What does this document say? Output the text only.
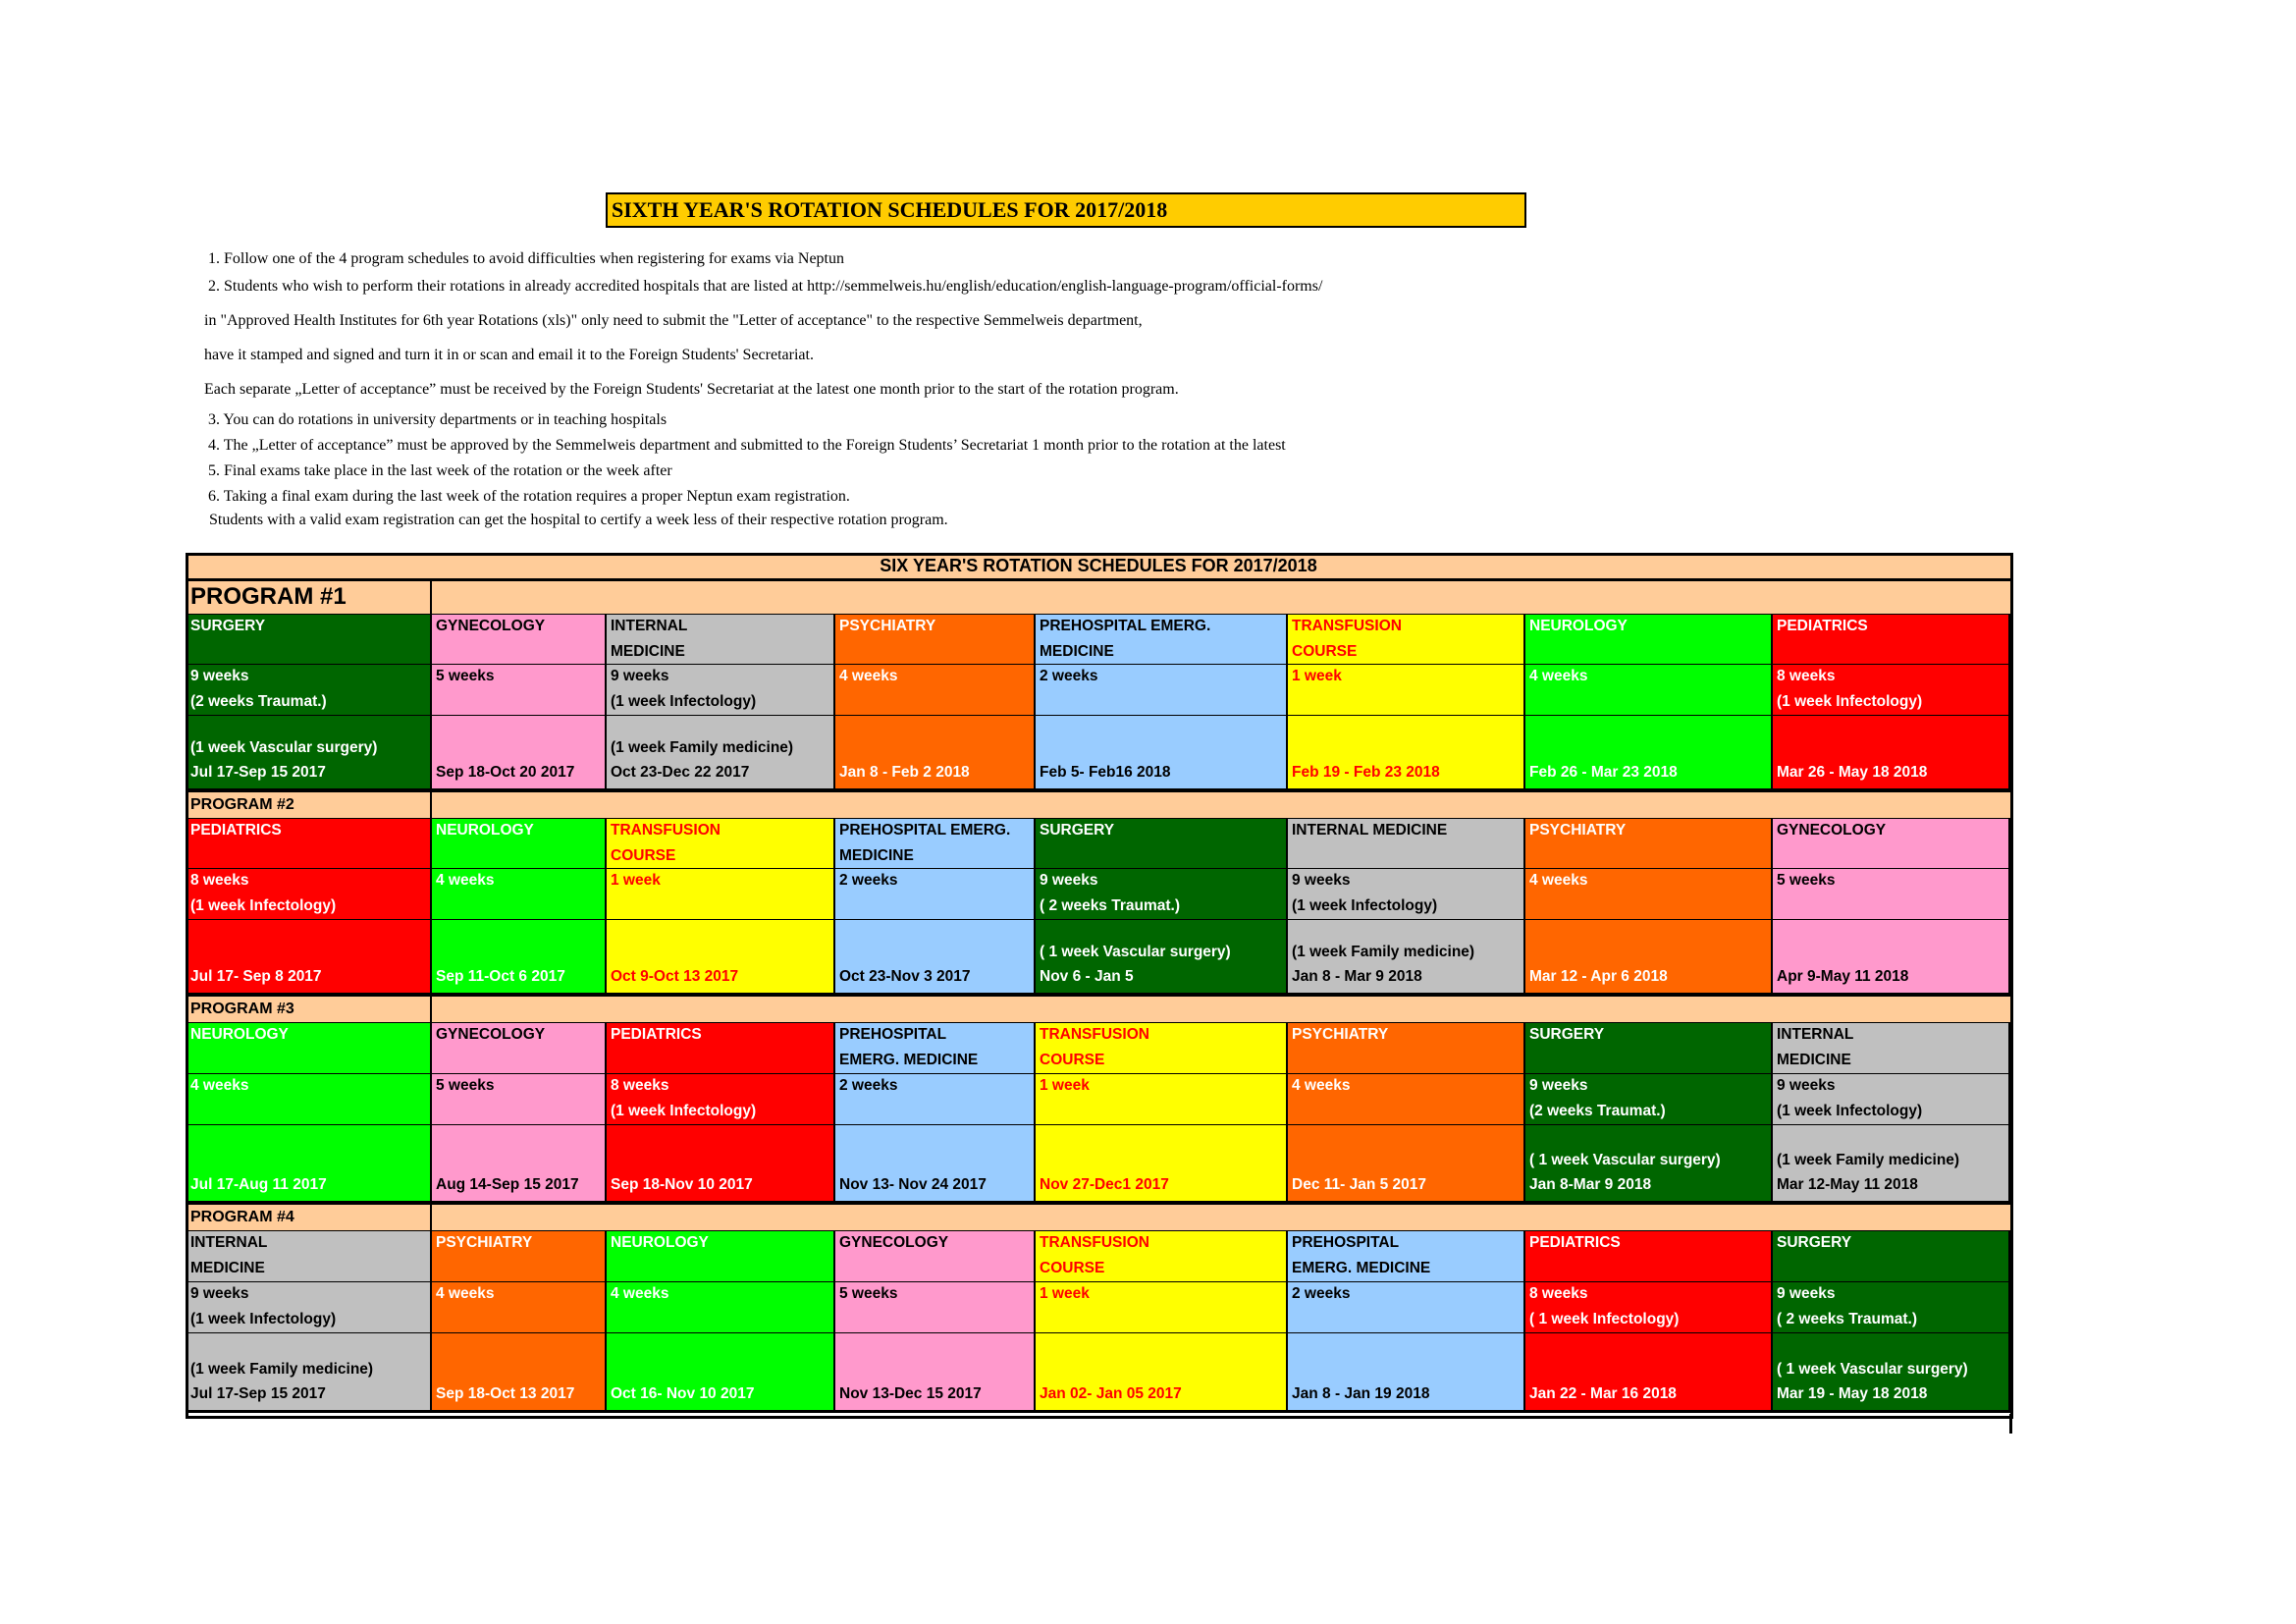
SIXTH YEAR'S ROTATION SCHEDULES FOR 2017/2018
1. Follow one of the 4 program schedules to avoid difficulties when registering for exams via Neptun
2. Students who wish to perform their rotations in already accredited hospitals that are listed at http://semmelweis.hu/english/education/english-language-program/official-forms/
in "Approved Health Institutes for 6th year Rotations (xls)" only need to submit the "Letter of acceptance" to the respective Semmelweis department,
have it stamped and signed and turn it in or scan and email it to the Foreign Students' Secretariat.
Each separate „Letter of acceptance” must be received by the Foreign Students' Secretariat at the latest one month prior to the start of the rotation program.
3. You can do rotations in university departments or in teaching hospitals
4. The „Letter of acceptance” must be approved by the Semmelweis department and submitted to the Foreign Students’ Secretariat 1 month prior to the rotation at the latest
5. Final exams take place in the last week of the rotation or the week after
6. Taking a final exam during the last week of the rotation requires a proper Neptun exam registration.
Students with a valid exam registration can get the hospital to certify a week less of their respective rotation program.
SIX YEAR'S ROTATION SCHEDULES FOR 2017/2018
PROGRAM #1
SURGERY
9 weeks
(2 weeks Traumat.)
(1 week Vascular surgery)
Jul 17-Sep 15 2017
GYNECOLOGY
5 weeks
Sep 18-Oct 20 2017
INTERNAL
MEDICINE
9 weeks
(1 week Infectology)
(1 week Family medicine)
Oct 23-Dec 22 2017
PSYCHIATRY
4 weeks
Jan 8 - Feb 2 2018
PREHOSPITAL EMERG.
MEDICINE
2 weeks
Feb 5- Feb16 2018
TRANSFUSION
COURSE
1 week
Feb 19 - Feb 23 2018
NEUROLOGY
4 weeks
Feb 26 - Mar 23 2018
PEDIATRICS
8 weeks
(1 week Infectology)
Mar 26 - May 18 2018
PROGRAM #2
PEDIATRICS
8 weeks
(1 week Infectology)
Jul 17- Sep 8 2017
NEUROLOGY
4 weeks
Sep 11-Oct 6 2017
TRANSFUSION
COURSE
1 week
Oct 9-Oct 13 2017
PREHOSPITAL EMERG.
MEDICINE
2 weeks
Oct 23-Nov 3 2017
SURGERY
9 weeks
( 2 weeks Traumat.)
( 1 week Vascular surgery)
Nov 6 - Jan 5
INTERNAL MEDICINE
9 weeks
(1 week Infectology)
(1 week Family medicine)
Jan 8 - Mar 9 2018
PSYCHIATRY
4 weeks
Mar 12 - Apr 6 2018
GYNECOLOGY
5 weeks
Apr 9-May 11 2018
PROGRAM #3
NEUROLOGY
4 weeks
Jul 17-Aug 11 2017
GYNECOLOGY
5 weeks
Aug 14-Sep 15 2017
PEDIATRICS
8 weeks
(1 week Infectology)
Sep 18-Nov 10 2017
PREHOSPITAL
EMERG. MEDICINE
2 weeks
Nov 13- Nov 24 2017
TRANSFUSION
COURSE
1 week
Nov 27-Dec1 2017
PSYCHIATRY
4 weeks
Dec 11- Jan 5 2017
SURGERY
9 weeks
(2 weeks Traumat.)
( 1 week Vascular surgery)
Jan 8-Mar 9 2018
INTERNAL
MEDICINE
9 weeks
(1 week Infectology)
(1 week Family medicine)
Mar 12-May 11 2018
PROGRAM #4
INTERNAL
MEDICINE
9 weeks
(1 week Infectology)
(1 week Family medicine)
Jul 17-Sep 15 2017
PSYCHIATRY
4 weeks
Sep 18-Oct 13 2017
NEUROLOGY
4 weeks
Oct 16- Nov 10 2017
GYNECOLOGY
5 weeks
Nov 13-Dec 15 2017
TRANSFUSION
COURSE
1 week
Jan 02- Jan 05 2017
PREHOSPITAL
EMERG. MEDICINE
2 weeks
Jan 8 - Jan 19 2018
PEDIATRICS
8 weeks
( 1 week Infectology)
Jan 22 - Mar 16 2018
SURGERY
9 weeks
( 2 weeks Traumat.)
( 1 week Vascular surgery)
Mar 19 - May 18 2018
